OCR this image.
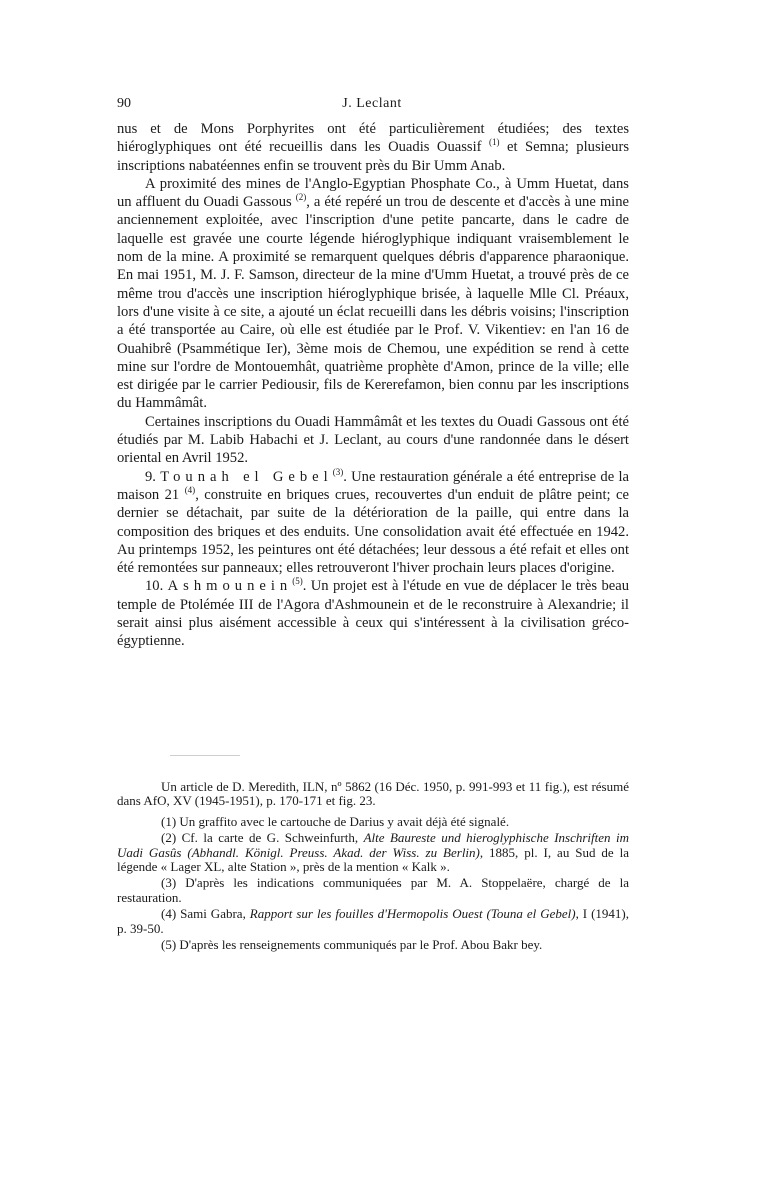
90	J. Leclant

nus et de Mons Porphyrites ont été particulièrement étudiées; des textes hiéroglyphiques ont été recueillis dans les Ouadis Ouassif $^{(1)}$ et Semna; plusieurs inscriptions nabatéennes enfin se trouvent près du Bir Umm Anab.

A proximité des mines de l'Anglo-Egyptian Phosphate Co., à Umm Huetat, dans un affluent du Ouadi Gassous $^{(2)}$, a été repéré un trou de descente et d'accès à une mine anciennement exploitée, avec l'inscription d'une petite pancarte, dans le cadre de laquelle est gravée une courte légende hiéroglyphique indiquant vraisemblement le nom de la mine. A proximité se remarquent quelques débris d'apparence pharaonique. En mai 1951, M. J. F. Samson, directeur de la mine d'Umm Huetat, a trouvé près de ce même trou d'accès une inscription hiéroglyphique brisée, à laquelle Mlle Cl. Préaux, lors d'une visite à ce site, a ajouté un éclat recueilli dans les débris voisins; l'inscription a été transportée au Caire, où elle est étudiée par le Prof. V. Vikentiev: en l'an 16 de Ouahibrê (Psammétique Ier), 3ème mois de Chemou, une expédition se rend à cette mine sur l'ordre de Montouemhât, quatrième prophète d'Amon, prince de la ville; elle est dirigée par le carrier Pediousir, fils de Kererefamon, bien connu par les inscriptions du Hammâmât.

Certaines inscriptions du Ouadi Hammâmât et les textes du Ouadi Gassous ont été étudiés par M. Labib Habachi et J. Leclant, au cours d'une randonnée dans le désert oriental en Avril 1952.

9. Tounah el Gebel$^{(3)}$. Une restauration générale a été entreprise de la maison 21 $^{(4)}$, construite en briques crues, recouvertes d'un enduit de plâtre peint; ce dernier se détachait, par suite de la détérioration de la paille, qui entre dans la composition des briques et des enduits. Une consolidation avait été effectuée en 1942. Au printemps 1952, les peintures ont été détachées; leur dessous a été refait et elles ont été remontées sur panneaux; elles retrouveront l'hiver prochain leurs places d'origine.

10. Ashmounein$^{(5)}$. Un projet est à l'étude en vue de déplacer le très beau temple de Ptolémée III de l'Agora d'Ashmounein et de le reconstruire à Alexandrie; il serait ainsi plus aisément accessible à ceux qui s'intéressent à la civilisation gréco-égyptienne.

Un article de D. Meredith, ILN, nº 5862 (16 Déc. 1950, p. 991-993 et 11 fig.), est résumé dans AfO, XV (1945-1951), p. 170-171 et fig. 23.

(1) Un graffito avec le cartouche de Darius y avait déjà été signalé.

(2) Cf. la carte de G. Schweinfurth, Alte Baureste und hieroglyphische Inschriften im Uadi Gasûs (Abhandl. Königl. Preuss. Akad. der Wiss. zu Berlin), 1885, pl. I, au Sud de la légende « Lager XL, alte Station », près de la mention « Kalk ».

(3) D'après les indications communiquées par M. A. Stoppelaëre, chargé de la restauration.

(4) Sami Gabra, Rapport sur les fouilles d'Hermopolis Ouest (Touna el Gebel), I (1941), p. 39-50.

(5) D'après les renseignements communiqués par le Prof. Abou Bakr bey.
